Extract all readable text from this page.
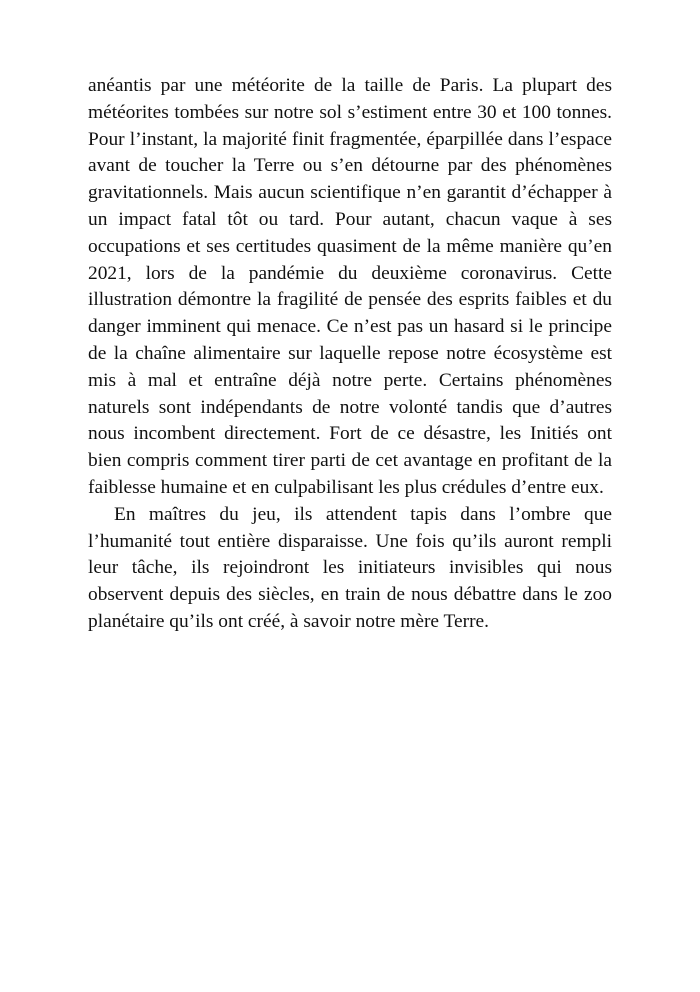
anéantis par une météorite de la taille de Paris. La plupart des météorites tombées sur notre sol s’estiment entre 30 et 100 tonnes. Pour l’instant, la majorité finit fragmentée, éparpillée dans l’espace avant de toucher la Terre ou s’en détourne par des phénomènes gravitationnels. Mais aucun scientifique n’en garantit d’échapper à un impact fatal tôt ou tard. Pour autant, chacun vaque à ses occupations et ses certitudes quasiment de la même manière qu’en 2021, lors de la pandémie du deuxième coronavirus. Cette illustration démontre la fragilité de pensée des esprits faibles et du danger imminent qui menace. Ce n’est pas un hasard si le principe de la chaîne alimentaire sur laquelle repose notre écosystème est mis à mal et entraîne déjà notre perte. Certains phénomènes naturels sont indépendants de notre volonté tandis que d’autres nous incombent directement. Fort de ce désastre, les Initiés ont bien compris comment tirer parti de cet avantage en profitant de la faiblesse humaine et en culpabilisant les plus crédules d’entre eux.

En maîtres du jeu, ils attendent tapis dans l’ombre que l’humanité tout entière disparaisse. Une fois qu’ils auront rempli leur tâche, ils rejoindront les initiateurs invisibles qui nous observent depuis des siècles, en train de nous débattre dans le zoo planétaire qu’ils ont créé, à savoir notre mère Terre.
